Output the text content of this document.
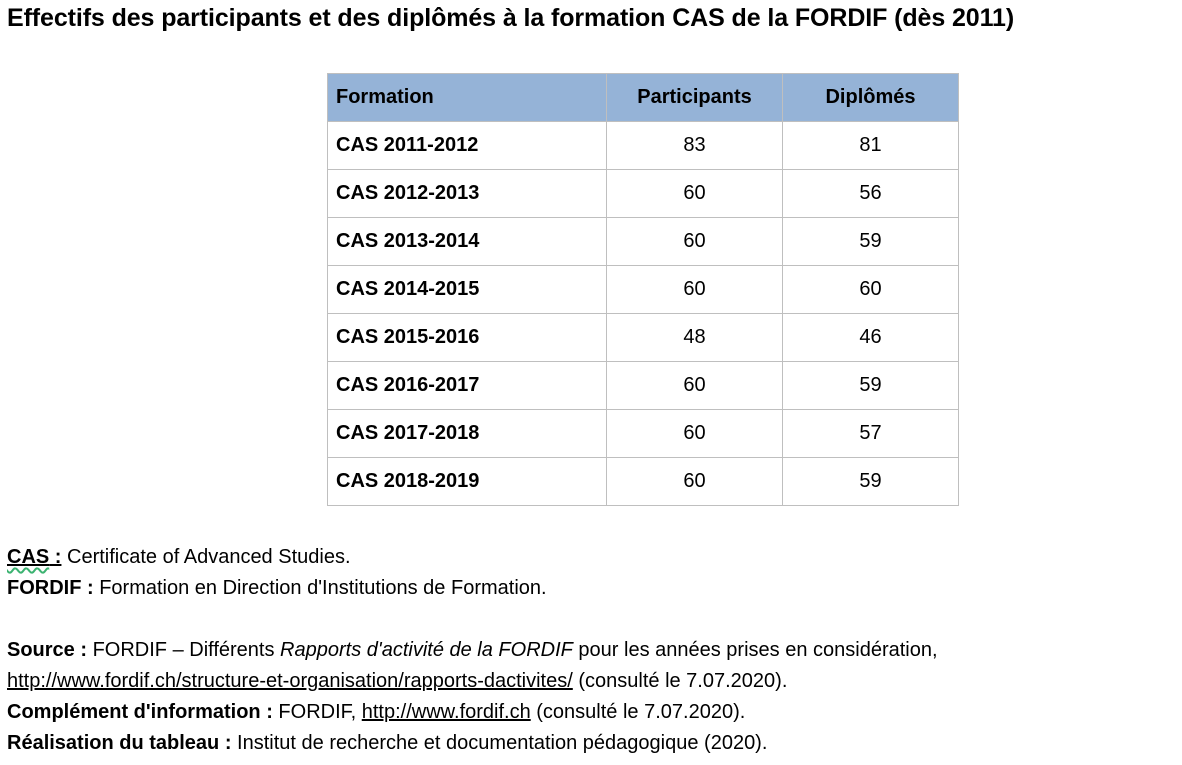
Effectifs des participants et des diplômés à la formation CAS de la FORDIF (dès 2011)
Formation	Participants	Diplômés
CAS 2011-2012	83	81
CAS 2012-2013	60	56
CAS 2013-2014	60	59
CAS 2014-2015	60	60
CAS 2015-2016	48	46
CAS 2016-2017	60	59
CAS 2017-2018	60	57
CAS 2018-2019	60	59
CAS : Certificate of Advanced Studies.
FORDIF : Formation en Direction d'Institutions de Formation.
Source : FORDIF – Différents Rapports d'activité de la FORDIF pour les années prises en considération,
http://www.fordif.ch/structure-et-organisation/rapports-dactivites/ (consulté le 7.07.2020).
Complément d'information : FORDIF, http://www.fordif.ch (consulté le 7.07.2020).
Réalisation du tableau : Institut de recherche et documentation pédagogique (2020).
